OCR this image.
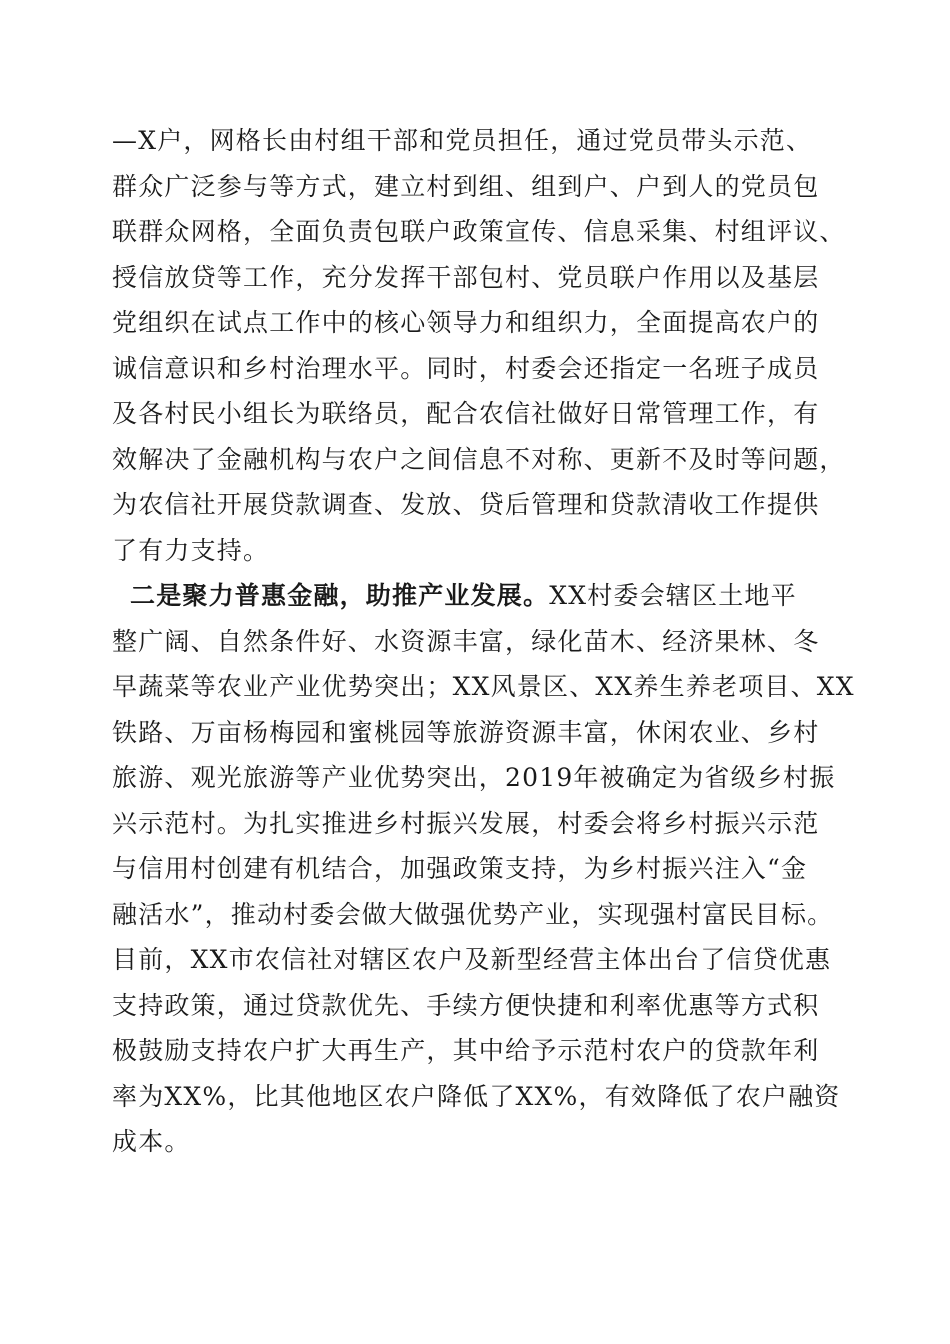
—X户，网格长由村组干部和党员担任，通过党员带头示范、
群众广泛参与等方式，建立村到组、组到户、户到人的党员包
联群众网格，全面负责包联户政策宣传、信息采集、村组评议、
授信放贷等工作，充分发挥干部包村、党员联户作用以及基层
党组织在试点工作中的核心领导力和组织力，全面提高农户的
诚信意识和乡村治理水平。同时，村委会还指定一名班子成员
及各村民小组长为联络员，配合农信社做好日常管理工作，有
效解决了金融机构与农户之间信息不对称、更新不及时等问题，
为农信社开展贷款调查、发放、贷后管理和贷款清收工作提供
了有力支持。
二是聚力普惠金融，助推产业发展。XX村委会辖区土地平
整广阔、自然条件好、水资源丰富，绿化苗木、经济果林、冬
早蔬菜等农业产业优势突出；XX风景区、XX养生养老项目、XX
铁路、万亩杨梅园和蜜桃园等旅游资源丰富，休闲农业、乡村
旅游、观光旅游等产业优势突出，2019年被确定为省级乡村振
兴示范村。为扎实推进乡村振兴发展，村委会将乡村振兴示范
与信用村创建有机结合，加强政策支持，为乡村振兴注入“金
融活水”，推动村委会做大做强优势产业，实现强村富民目标。
目前，XX市农信社对辖区农户及新型经营主体出台了信贷优惠
支持政策，通过贷款优先、手续方便快捷和利率优惠等方式积
极鼓励支持农户扩大再生产，其中给予示范村农户的贷款年利
率为XX%，比其他地区农户降低了XX%，有效降低了农户融资
成本。
